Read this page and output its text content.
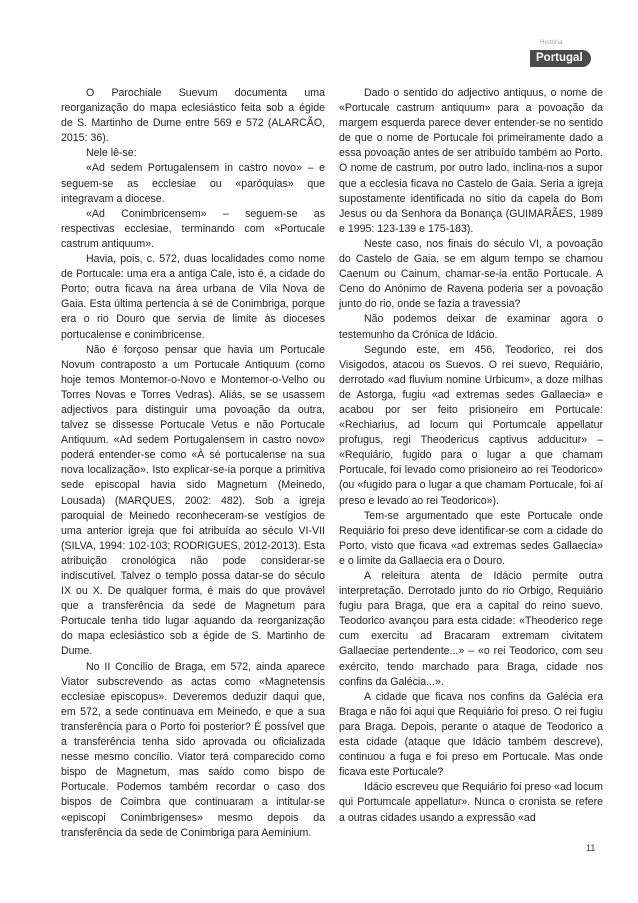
História
Portugal

O Parochiale Suevum documenta uma reorganização do mapa eclesiástico feita sob a égide de S. Martinho de Dume entre 569 e 572 (ALARCÃO, 2015: 36).

Nele lê-se:

«Ad sedem Portugalensem in castro novo» – e seguem-se as ecclesiae ou «paróquias» que integravam a diocese.

«Ad Conimbricensem» – seguem-se as respectivas ecclesiae, terminando com «Portucale castrum antiquum».

Havia, pois, c. 572, duas localidades como nome de Portucale: uma era a antiga Cale, isto é, a cidade do Porto; outra ficava na área urbana de Vila Nova de Gaia. Esta última pertencia à sé de Conimbriga, porque era o rio Douro que servia de limite às dioceses portucalense e conimbricense.

Não é forçoso pensar que havia um Portucale Novum contraposto a um Portucale Antiquum (como hoje temos Montemor-o-Novo e Montemor-o-Velho ou Torres Novas e Torres Vedras). Aliás, se se usassem adjectivos para distinguir uma povoação da outra, talvez se dissesse Portucale Vetus e não Portucale Antiquum. «Ad sedem Portugalensem in castro novo» poderá entender-se como «À sé portucalense na sua nova localização». Isto explicar-se-ia porque a primitiva sede episcopal havia sido Magnetum (Meinedo, Lousada) (MARQUES, 2002: 482). Sob a igreja paroquial de Meinedo reconheceram-se vestígios de uma anterior igreja que foi atribuída ao século VI-VII (SILVA, 1994: 102-103; RODRIGUES, 2012-2013). Esta atribuição cronológica não pode considerar-se indiscutível. Talvez o templo possa datar-se do século IX ou X. De qualquer forma, é mais do que provável que a transferência da sede de Magnetum para Portucale tenha tido lugar aquando da reorganização do mapa eclesiástico sob a égide de S. Martinho de Dume.

No II Concílio de Braga, em 572, ainda aparece Viator subscrevendo as actas como «Magnetensis ecclesiae episcopus». Deveremos deduzir daqui que, em 572, a sede continuava em Meinedo, e que a sua transferência para o Porto foi posterior? É possível que a transferência tenha sido aprovada ou oficializada nesse mesmo concílio. Viator terá comparecido como bispo de Magnetum, mas saído como bispo de Portucale. Podemos também recordar o caso dos bispos de Coimbra que continuaram a intitular-se «episcopi Conimbrigenses» mesmo depois da transferência da sede de Conimbriga para Aeminium.

Dado o sentido do adjectivo antiquus, o nome de «Portucale castrum antiquum» para a povoação da margem esquerda parece dever entender-se no sentido de que o nome de Portucale foi primeiramente dado a essa povoação antes de ser atribuído também ao Porto. O nome de castrum, por outro lado, inclina-nos a supor que a ecclesia ficava no Castelo de Gaia. Seria a igreja supostamente identificada no sítio da capela do Bom Jesus ou da Senhora da Bonança (GUIMARÃES, 1989 e 1995: 123-139 e 175-183).

Neste caso, nos finais do século VI, a povoação do Castelo de Gaia, se em algum tempo se chamou Caenum ou Cainum, chamar-se-ia então Portucale. A Ceno do Anónimo de Ravena poderia ser a povoação junto do rio, onde se fazia a travessia?

Não podemos deixar de examinar agora o testemunho da Crónica de Idácio.

Segundo este, em 456, Teodorico, rei dos Visigodos, atacou os Suevos. O rei suevo, Requiário, derrotado «ad fluvium nomine Urbicum», a doze milhas de Astorga, fugiu «ad extremas sedes Gallaecia» e acabou por ser feito prisioneiro em Portucale: «Rechiarius, ad locum qui Portumcale appellatur profugus, regi Theodericus captivus adducitur» – «Requiário, fugido para o lugar a que chamam Portucale, foi levado como prisioneiro ao rei Teodorico» (ou «fugido para o lugar a que chamam Portucale, foi aí preso e levado ao rei Teodorico»).

Tem-se argumentado que este Portucale onde Requiário foi preso deve identificar-se com a cidade do Porto, visto que ficava «ad extremas sedes Gallaecia» e o limite da Gallaecia era o Douro.

A releitura atenta de Idácio permite outra interpretação. Derrotado junto do rio Orbigo, Requiário fugiu para Braga, que era a capital do reino suevo. Teodorico avançou para esta cidade: «Theoderico rege cum exercitu ad Bracaram extremam civitatem Gallaeciae pertendente...» – «o rei Teodorico, com seu exército, tendo marchado para Braga, cidade nos confins da Galécia...».

A cidade que ficava nos confins da Galécia era Braga e não foi aqui que Requiário foi preso. O rei fugiu para Braga. Depois, perante o ataque de Teodorico a esta cidade (ataque que Idácio também descreve), continuou a fuga e foi preso em Portucale. Mas onde ficava este Portucale?

Idácio escreveu que Requiário foi preso «ad locum qui Portumcale appellatur». Nunca o cronista se refere a outras cidades usando a expressão «ad

11
